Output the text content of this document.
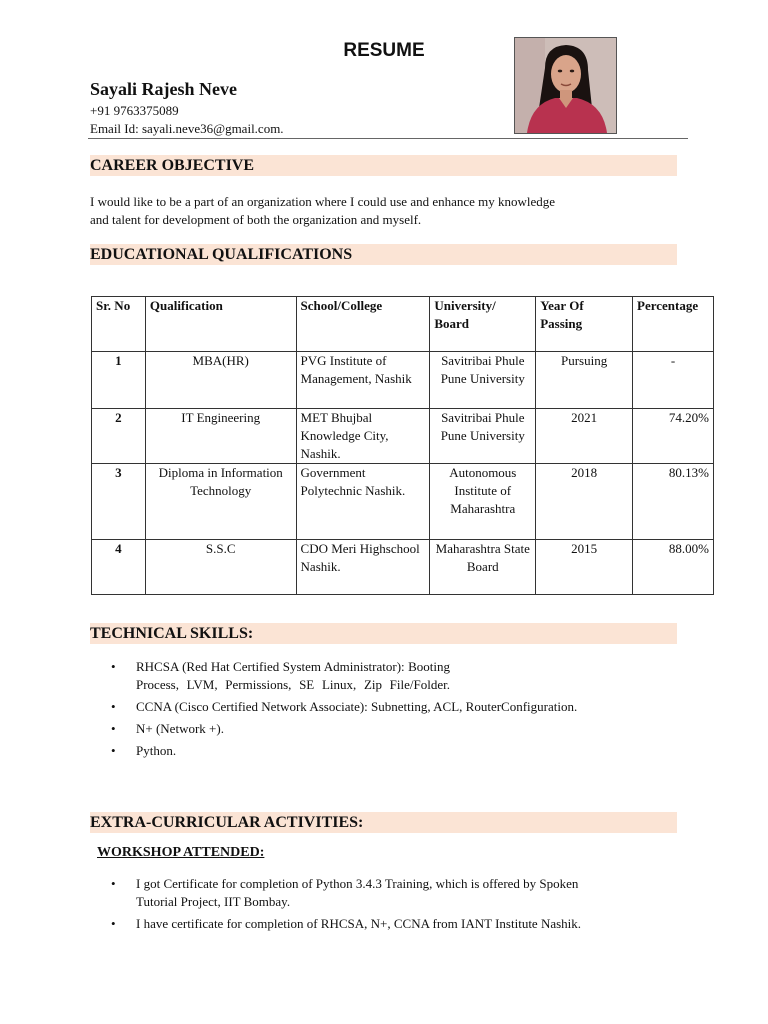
RESUME
Sayali Rajesh Neve
+91 9763375089
Email Id: sayali.neve36@gmail.com.
CAREER OBJECTIVE
I would like to be a part of an organization where I could use and enhance my knowledge
and talent for development of both the organization and myself.
EDUCATIONAL QUALIFICATIONS
Sr. No	Qualification	School/College	University/ Board	Year Of Passing	Percentage
1	MBA(HR)	PVG Institute of Management, Nashik	Savitribai Phule Pune University	Pursuing	-
2	IT Engineering	MET Bhujbal Knowledge City, Nashik.	Savitribai Phule Pune University	2021	74.20%
3	Diploma in Information Technology	Government Polytechnic Nashik.	Autonomous Institute of Maharashtra	2018	80.13%
4	S.S.C	CDO Meri Highschool Nashik.	Maharashtra State Board	2015	88.00%
TECHNICAL SKILLS:
• RHCSA (Red Hat Certified System Administrator): Booting Process, LVM, Permissions, SE Linux, Zip File/Folder.
• CCNA (Cisco Certified Network Associate): Subnetting, ACL, RouterConfiguration.
• N+ (Network +).
• Python.
EXTRA-CURRICULAR ACTIVITIES:
WORKSHOP ATTENDED:
• I got Certificate for completion of Python 3.4.3 Training, which is offered by Spoken Tutorial Project, IIT Bombay.
• I have certificate for completion of RHCSA, N+, CCNA from IANT Institute Nashik.
